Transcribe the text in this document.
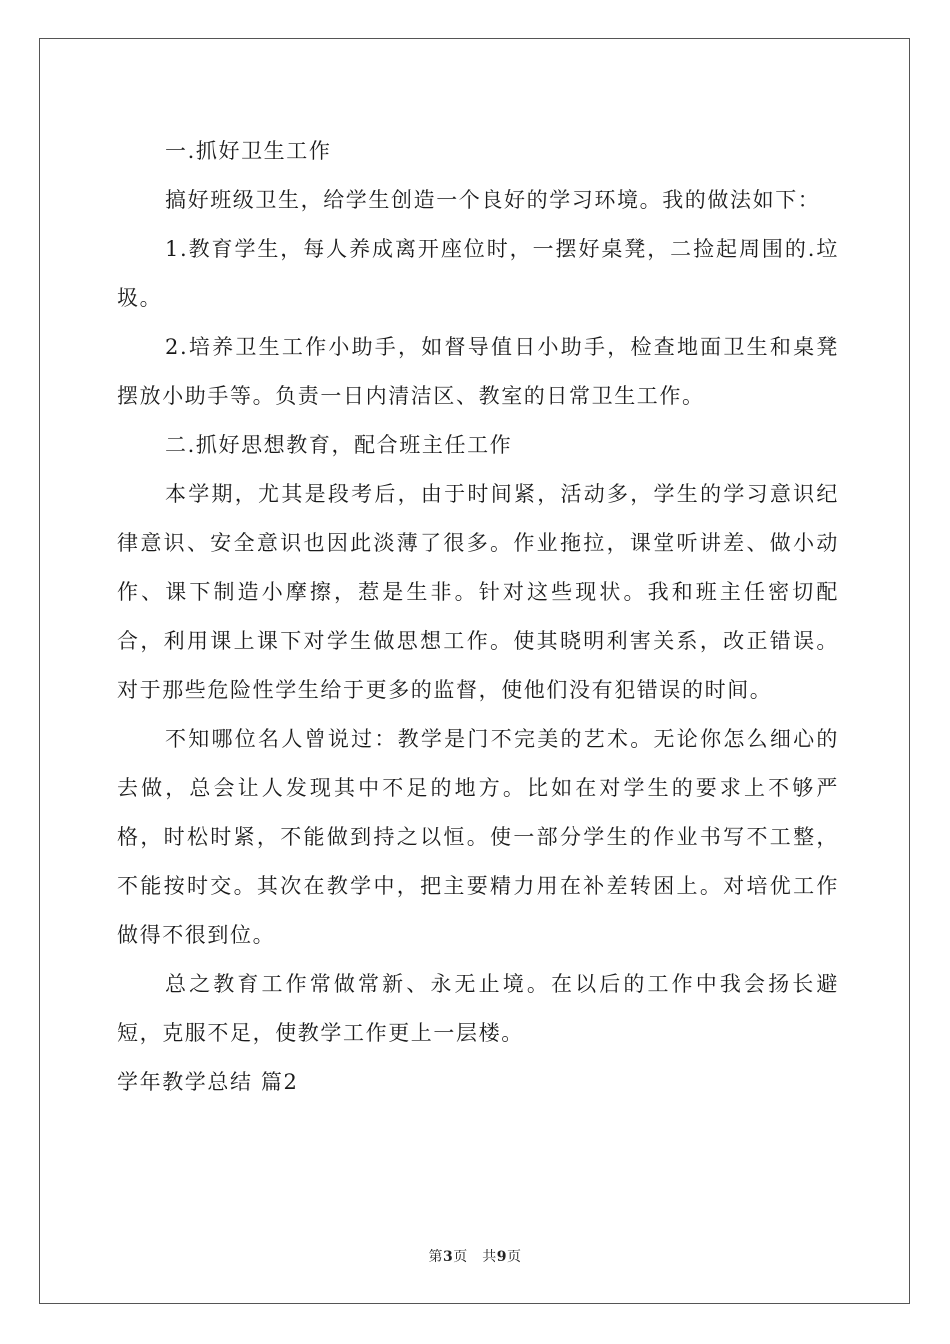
一.抓好卫生工作

搞好班级卫生，给学生创造一个良好的学习环境。我的做法如下：

1.教育学生，每人养成离开座位时，一摆好桌凳，二捡起周围的.垃圾。

2.培养卫生工作小助手，如督导值日小助手，检查地面卫生和桌凳摆放小助手等。负责一日内清洁区、教室的日常卫生工作。

二.抓好思想教育，配合班主任工作

本学期，尤其是段考后，由于时间紧，活动多，学生的学习意识纪律意识、安全意识也因此淡薄了很多。作业拖拉，课堂听讲差、做小动作、课下制造小摩擦，惹是生非。针对这些现状。我和班主任密切配合，利用课上课下对学生做思想工作。使其晓明利害关系，改正错误。对于那些危险性学生给于更多的监督，使他们没有犯错误的时间。

不知哪位名人曾说过：教学是门不完美的艺术。无论你怎么细心的去做，总会让人发现其中不足的地方。比如在对学生的要求上不够严格，时松时紧，不能做到持之以恒。使一部分学生的作业书写不工整，不能按时交。其次在教学中，把主要精力用在补差转困上。对培优工作做得不很到位。

总之教育工作常做常新、永无止境。在以后的工作中我会扬长避短，克服不足，使教学工作更上一层楼。

学年教学总结 篇2

第3页　共9页
